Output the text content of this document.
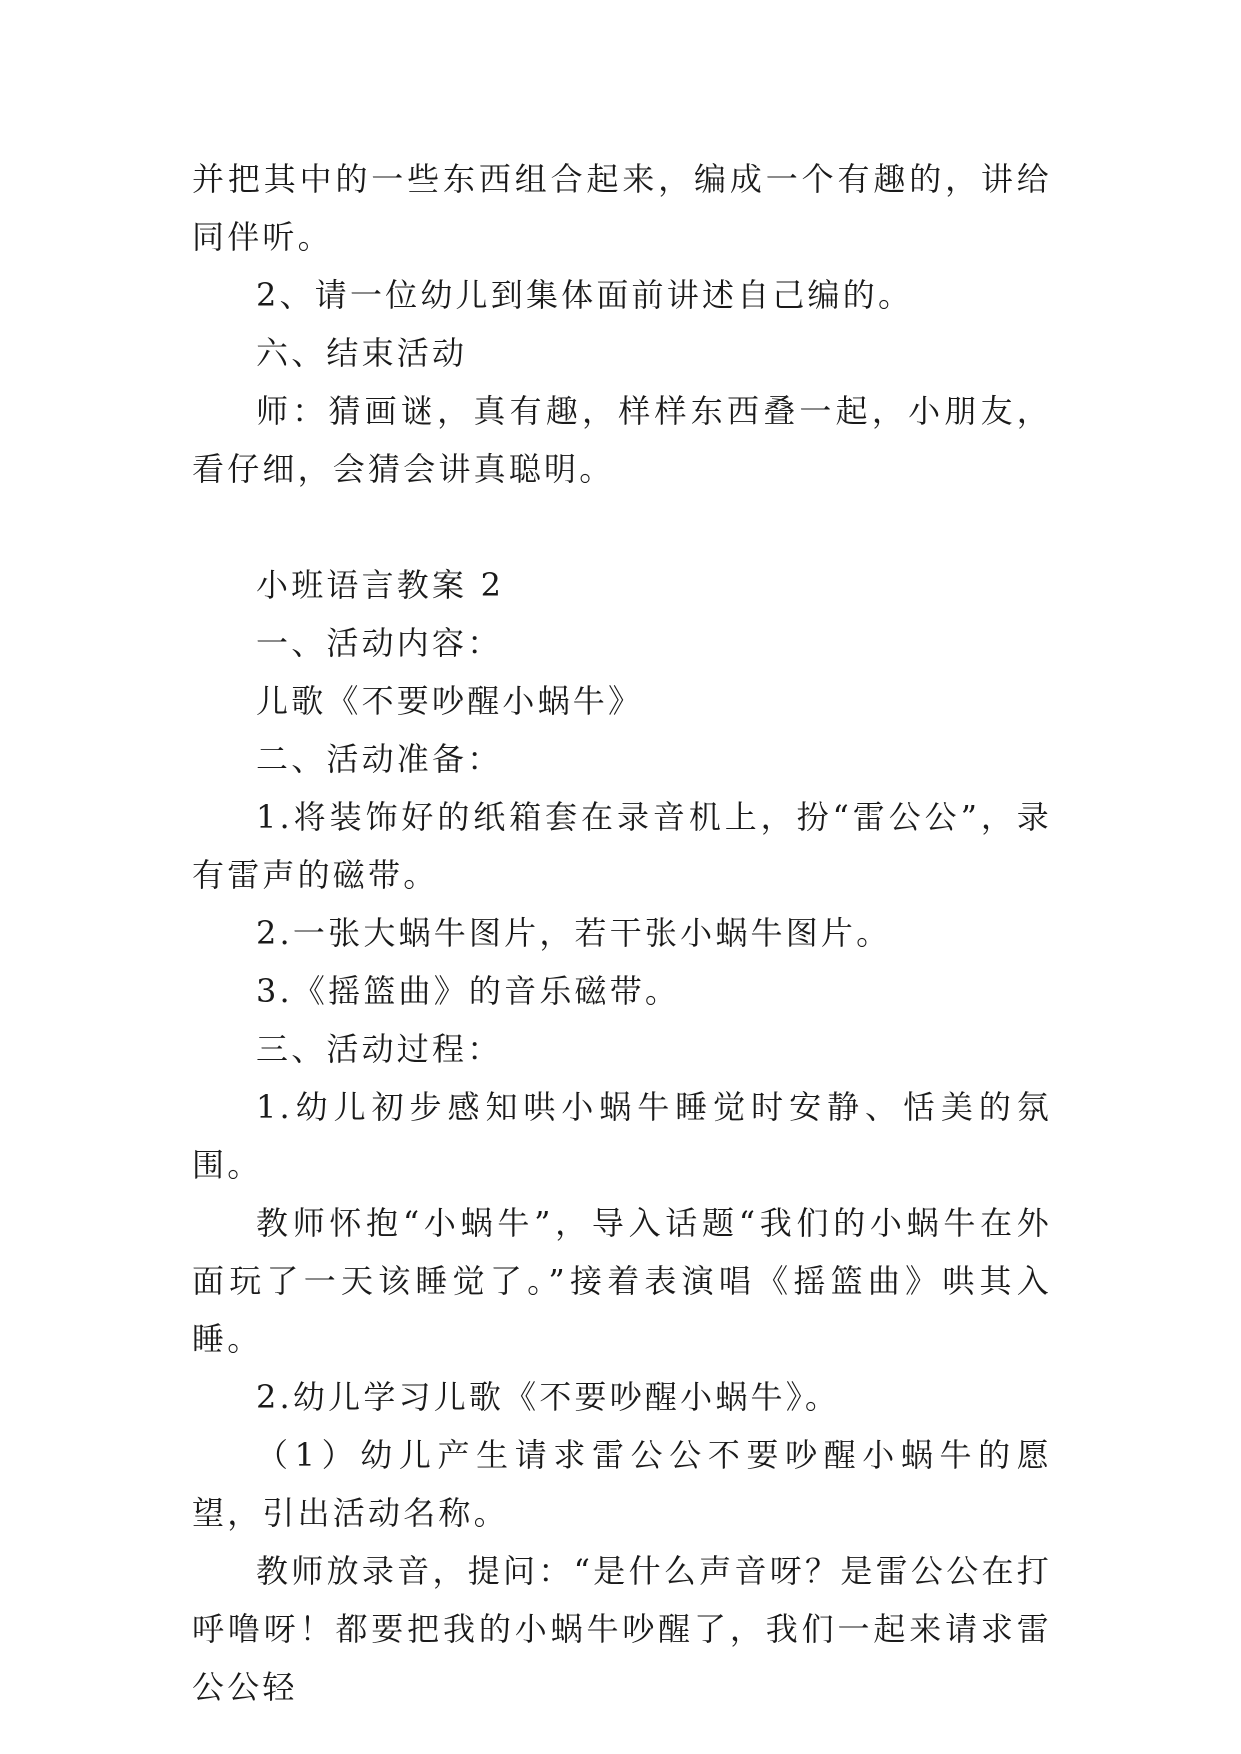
并把其中的一些东西组合起来，编成一个有趣的，讲给同伴听。

2、请一位幼儿到集体面前讲述自己编的。

六、结束活动

师：猜画谜，真有趣，样样东西叠一起，小朋友，看仔细，会猜会讲真聪明。

小班语言教案 2

一、活动内容：

儿歌《不要吵醒小蜗牛》

二、活动准备：

1.将装饰好的纸箱套在录音机上，扮“雷公公”，录有雷声的磁带。

2.一张大蜗牛图片，若干张小蜗牛图片。

3.《摇篮曲》的音乐磁带。

三、活动过程：

1.幼儿初步感知哄小蜗牛睡觉时安静、恬美的氛围。

教师怀抱“小蜗牛”，导入话题“我们的小蜗牛在外面玩了一天该睡觉了。”接着表演唱《摇篮曲》哄其入睡。

2.幼儿学习儿歌《不要吵醒小蜗牛》。

（1）幼儿产生请求雷公公不要吵醒小蜗牛的愿望，引出活动名称。

教师放录音，提问：“是什么声音呀？是雷公公在打呼噜呀！都要把我的小蜗牛吵醒了，我们一起来请求雷公公轻
